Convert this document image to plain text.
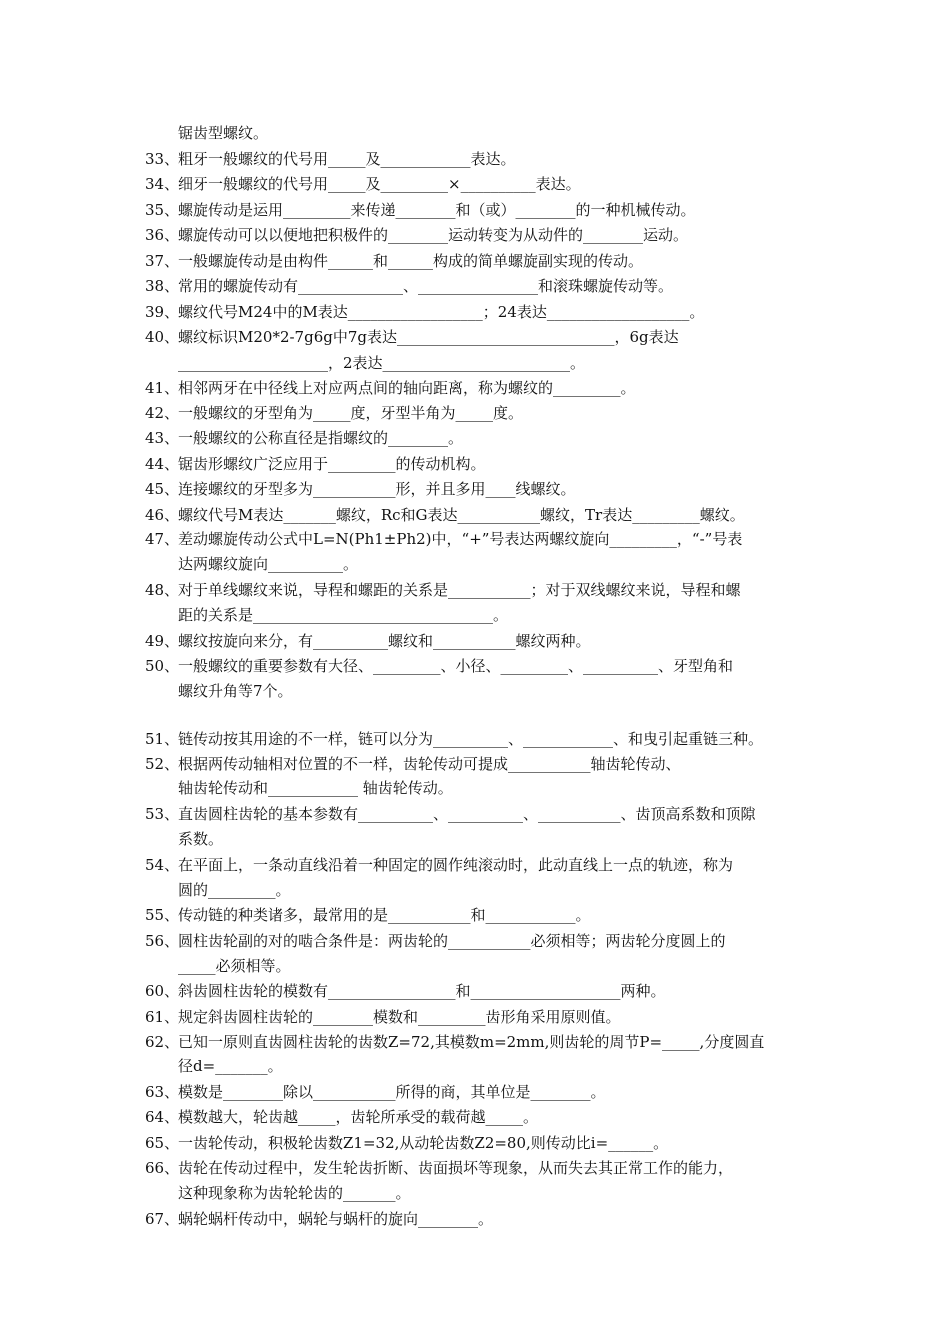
锯齿型螺纹。
33、
粗牙一般螺纹的代号用_____及____________表达。
34、
细牙一般螺纹的代号用_____及_________×__________表达。
35、
螺旋传动是运用_________来传递________和（或）________的一种机械传动。
36、
螺旋传动可以以便地把积极件的________运动转变为从动件的________运动。
37、
一般螺旋传动是由构件______和______构成的简单螺旋副实现的传动。
38、
常用的螺旋传动有______________、________________和滚珠螺旋传动等。
39、
螺纹代号M24中的M表达__________________；24表达___________________。
40、
螺纹标识M20*2-7g6g中7g表达_____________________________，6g表达
____________________，2表达_________________________。
41、
相邻两牙在中径线上对应两点间的轴向距离，称为螺纹的_________。
42、
一般螺纹的牙型角为_____度，牙型半角为_____度。
43、
一般螺纹的公称直径是指螺纹的________。
44、
锯齿形螺纹广泛应用于_________的传动机构。
45、
连接螺纹的牙型多为___________形，并且多用____线螺纹。
46、
螺纹代号M表达_______螺纹，Rc和G表达___________螺纹，Tr表达_________螺纹。
47、
差动螺旋传动公式中L=N(Ph1±Ph2)中，“+”号表达两螺纹旋向_________，“-”号表
达两螺纹旋向__________。
48、
对于单线螺纹来说，导程和螺距的关系是___________；对于双线螺纹来说，导程和螺
距的关系是________________________________。
49、
螺纹按旋向来分，有__________螺纹和___________螺纹两种。
50、
一般螺纹的重要参数有大径、_________、小径、_________、__________、牙型角和
螺纹升角等7个。
51、
链传动按其用途的不一样，链可以分为__________、____________、和曳引起重链三种。
52、
根据两传动轴相对位置的不一样，齿轮传动可提成___________轴齿轮传动、
轴齿轮传动和____________ 轴齿轮传动。
53、
直齿圆柱齿轮的基本参数有__________、__________、___________、齿顶高系数和顶隙
系数。
54、
在平面上，一条动直线沿着一种固定的圆作纯滚动时，此动直线上一点的轨迹，称为
圆的_________。
55、
传动链的种类诸多，最常用的是___________和____________。
56、
圆柱齿轮副的对的啮合条件是：两齿轮的___________必须相等；两齿轮分度圆上的
_____必须相等。
60、
斜齿圆柱齿轮的模数有_________________和____________________两种。
61、
规定斜齿圆柱齿轮的________模数和_________齿形角采用原则值。
62、
已知一原则直齿圆柱齿轮的齿数Z=72,其模数m=2mm,则齿轮的周节P=_____,分度圆直
径d=_______。
63、
模数是________除以___________所得的商，其单位是________。
64、
模数越大，轮齿越_____，齿轮所承受的载荷越_____。
65、
一齿轮传动，积极轮齿数Z1=32,从动轮齿数Z2=80,则传动比i=______。
66、
齿轮在传动过程中，发生轮齿折断、齿面损坏等现象，从而失去其正常工作的能力，
这种现象称为齿轮轮齿的_______。
67、
蜗轮蜗杆传动中，蜗轮与蜗杆的旋向________。
